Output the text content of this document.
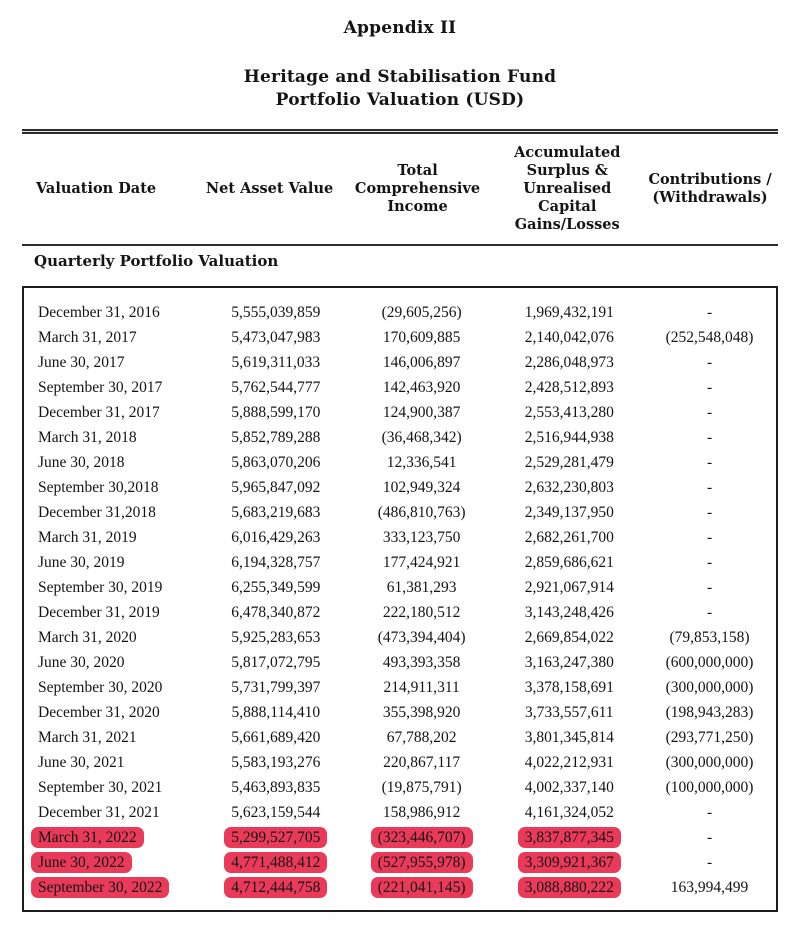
Appendix II
Heritage and Stabilisation Fund
Portfolio Valuation (USD)
Valuation Date	Net Asset Value	Total Comprehensive Income	Accumulated Surplus & Unrealised Capital Gains/Losses	Contributions / (Withdrawals)
Quarterly Portfolio Valuation
December 31, 2016	5,555,039,859	(29,605,256)	1,969,432,191	-
March 31, 2017	5,473,047,983	170,609,885	2,140,042,076	(252,548,048)
June 30, 2017	5,619,311,033	146,006,897	2,286,048,973	-
September 30, 2017	5,762,544,777	142,463,920	2,428,512,893	-
December 31, 2017	5,888,599,170	124,900,387	2,553,413,280	-
March 31, 2018	5,852,789,288	(36,468,342)	2,516,944,938	-
June 30, 2018	5,863,070,206	12,336,541	2,529,281,479	-
September 30,2018	5,965,847,092	102,949,324	2,632,230,803	-
December 31,2018	5,683,219,683	(486,810,763)	2,349,137,950	-
March 31, 2019	6,016,429,263	333,123,750	2,682,261,700	-
June 30, 2019	6,194,328,757	177,424,921	2,859,686,621	-
September 30, 2019	6,255,349,599	61,381,293	2,921,067,914	-
December 31, 2019	6,478,340,872	222,180,512	3,143,248,426	-
March 31, 2020	5,925,283,653	(473,394,404)	2,669,854,022	(79,853,158)
June 30, 2020	5,817,072,795	493,393,358	3,163,247,380	(600,000,000)
September 30, 2020	5,731,799,397	214,911,311	3,378,158,691	(300,000,000)
December 31, 2020	5,888,114,410	355,398,920	3,733,557,611	(198,943,283)
March 31, 2021	5,661,689,420	67,788,202	3,801,345,814	(293,771,250)
June 30, 2021	5,583,193,276	220,867,117	4,022,212,931	(300,000,000)
September 30, 2021	5,463,893,835	(19,875,791)	4,002,337,140	(100,000,000)
December 31, 2021	5,623,159,544	158,986,912	4,161,324,052	-
March 31, 2022	5,299,527,705	(323,446,707)	3,837,877,345	-
June 30, 2022	4,771,488,412	(527,955,978)	3,309,921,367	-
September 30, 2022	4,712,444,758	(221,041,145)	3,088,880,222	163,994,499
